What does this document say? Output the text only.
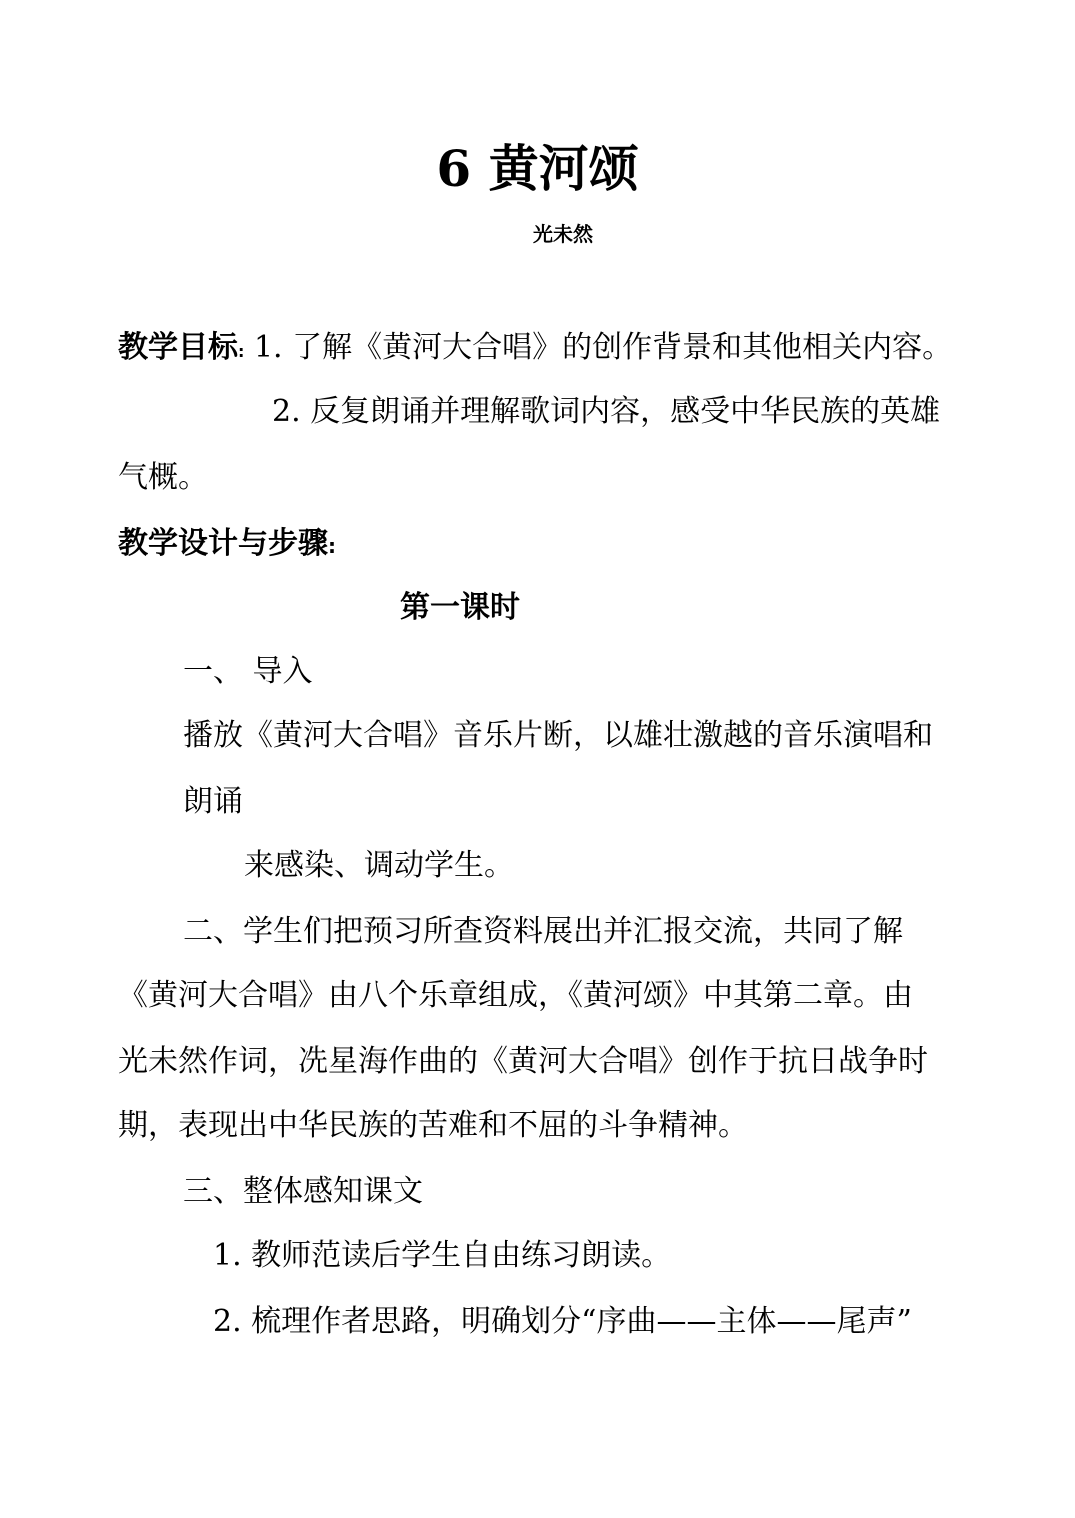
6 黄河颂
光未然
教学目标: 1. 了解《黄河大合唱》的创作背景和其他相关内容。
2. 反复朗诵并理解歌词内容，感受中华民族的英雄
气概。
教学设计与步骤:
第一课时
一、 导入
播放《黄河大合唱》音乐片断，以雄壮激越的音乐演唱和
朗诵
来感染、调动学生。
二、学生们把预习所查资料展出并汇报交流，共同了解
《黄河大合唱》由八个乐章组成，《黄河颂》中其第二章。由
光未然作词，冼星海作曲的《黄河大合唱》创作于抗日战争时
期，表现出中华民族的苦难和不屈的斗争精神。
三、整体感知课文
1. 教师范读后学生自由练习朗读。
2. 梳理作者思路，明确划分“序曲——主体——尾声”
